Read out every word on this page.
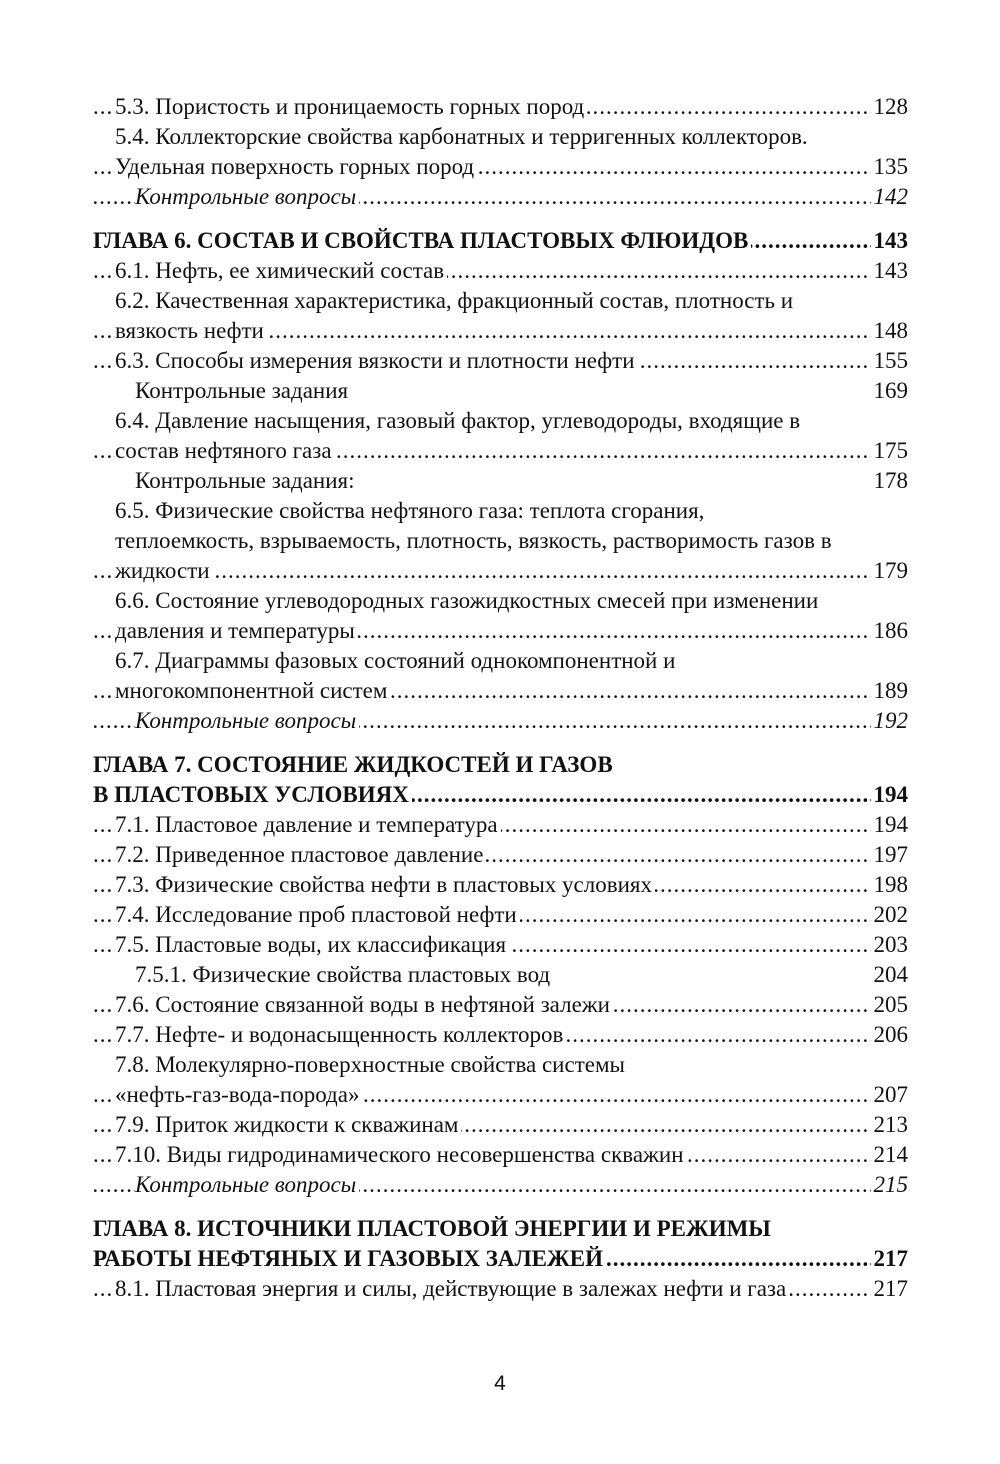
5.3. Пористость и проницаемость горных пород	128
.....
5.4. Коллекторские свойства карбонатных и терригенных коллекторов.
Удельная поверхность горных пород	135
.....
Контрольные вопросы	142
.....
ГЛАВА 6. СОСТАВ И СВОЙСТВА ПЛАСТОВЫХ ФЛЮИДОВ	143
.....
6.1. Нефть, ее химический состав	143
.....
6.2. Качественная характеристика, фракционный состав, плотность и
вязкость нефти	148
.....
6.3. Способы измерения вязкости и плотности нефти	155
.....
Контрольные задания	169
6.4. Давление насыщения, газовый фактор, углеводороды, входящие в
состав нефтяного газа	175
.....
Контрольные задания:	178
6.5. Физические свойства нефтяного газа: теплота сгорания,
теплоемкость, взрываемость, плотность, вязкость, растворимость газов в
жидкости	179
.....
6.6. Состояние углеводородных газожидкостных смесей при изменении
давления и температуры	186
.....
6.7. Диаграммы фазовых состояний однокомпонентной и
многокомпонентной систем	189
.....
Контрольные вопросы	192
.....
ГЛАВА 7. СОСТОЯНИЕ ЖИДКОСТЕЙ И ГАЗОВ
В ПЛАСТОВЫХ УСЛОВИЯХ	194
.....
7.1. Пластовое давление и температура	194
.....
7.2. Приведенное пластовое давление	197
.....
7.3. Физические свойства нефти в пластовых условиях	198
.....
7.4. Исследование проб пластовой нефти	202
.....
7.5. Пластовые воды, их классификация	203
.....
7.5.1. Физические свойства пластовых вод	204
7.6. Состояние связанной воды в нефтяной залежи	205
.....
7.7. Нефте- и водонасыщенность коллекторов	206
.....
7.8. Молекулярно-поверхностные свойства системы
«нефть-газ-вода-порода»	207
.....
7.9. Приток жидкости к скважинам	213
.....
7.10. Виды гидродинамического несовершенства скважин	214
.....
Контрольные вопросы	215
.....
ГЛАВА 8. ИСТОЧНИКИ ПЛАСТОВОЙ ЭНЕРГИИ И РЕЖИМЫ
РАБОТЫ НЕФТЯНЫХ И ГАЗОВЫХ ЗАЛЕЖЕЙ	217
.....
8.1. Пластовая энергия и силы, действующие в залежах нефти и газа	217
.....
4
